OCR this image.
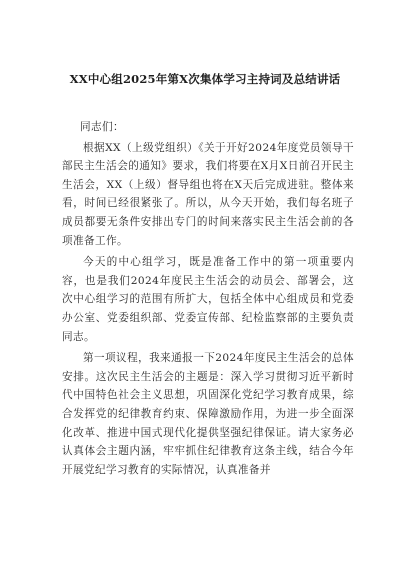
XX中心组2025年第X次集体学习主持词及总结讲话

同志们：

根据XX（上级党组织）《关于开好2024年度党员领导干部民主生活会的通知》要求，我们将要在X月X日前召开民主生活会，XX（上级）督导组也将在X天后完成进驻。整体来看，时间已经很紧张了。所以，从今天开始，我们每名班子成员都要无条件安排出专门的时间来落实民主生活会前的各项准备工作。

今天的中心组学习，既是准备工作中的第一项重要内容，也是我们2024年度民主生活会的动员会、部署会，这次中心组学习的范围有所扩大，包括全体中心组成员和党委办公室、党委组织部、党委宣传部、纪检监察部的主要负责同志。

第一项议程，我来通报一下2024年度民主生活会的总体安排。这次民主生活会的主题是：深入学习贯彻习近平新时代中国特色社会主义思想，巩固深化党纪学习教育成果，综合发挥党的纪律教育约束、保障激励作用，为进一步全面深化改革、推进中国式现代化提供坚强纪律保证。请大家务必认真体会主题内涵，牢牢抓住纪律教育这条主线，结合今年开展党纪学习教育的实际情况，认真准备并
